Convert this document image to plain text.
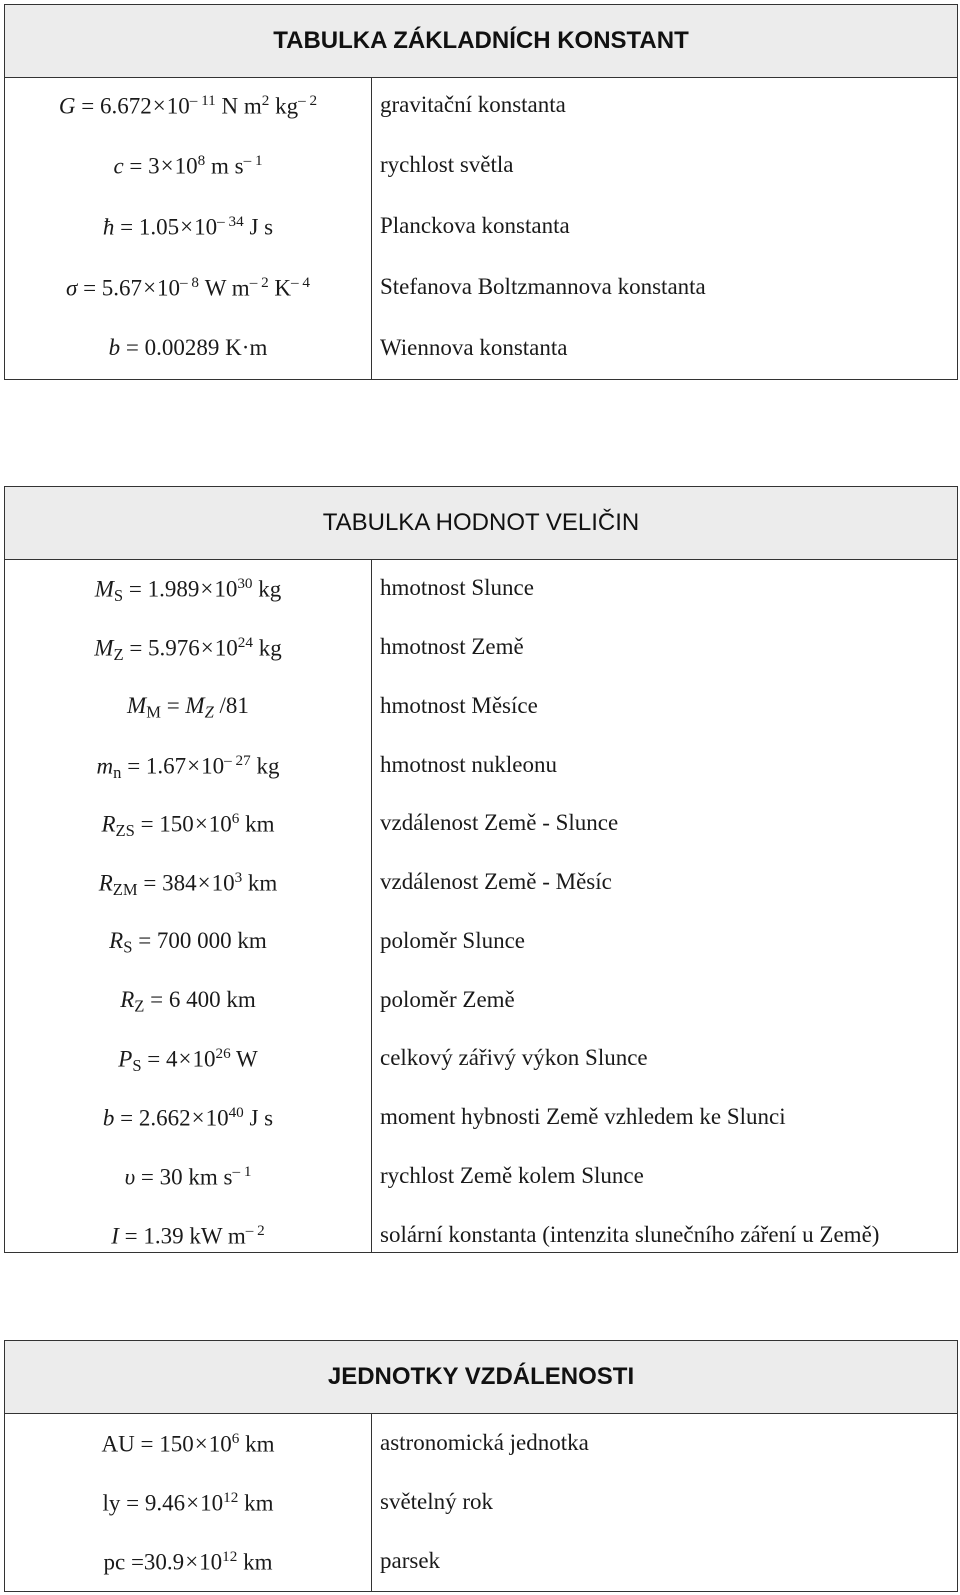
TABULKA ZÁKLADNÍCH KONSTANT
$G = 6.672\times 10^{- 11}$ N $m^2$ $kg^{- 2}$	gravitační konstanta
$c = 3\times 10^8$ m $s^{- 1}$	rychlost světla
ħ = $1.05\times 10^{- 34}$ J s	Planckova konstanta
$\sigma = 5.67\times 10^{- 8}$ W $m^{- 2}$ $K^{- 4}$	Stefanova Boltzmannova konstanta
b = 0.00289 K·m	Wiennova konstanta
TABULKA HODNOT VELIČIN
$M_S = 1.989\times 10^{30}$ kg	hmotnost Slunce
$M_Z = 5.976\times 10^{24}$ kg	hmotnost Země
$M_M = M_Z$ /81	hmotnost Měsíce
$m_n = 1.67\times 10^{- 27}$ kg	hmotnost nukleonu
$R_{ZS} = 150\times 10^6$ km	vzdálenost Země - Slunce
$R_{ZM} = 384\times 10^3$ km	vzdálenost Země - Měsíc
$R_S = 700$ 000 km	poloměr Slunce
$R_Z = 6$ 400 km	poloměr Země
$P_S = 4\times 10^{26}$ W	celkový zářivý výkon Slunce
$b = 2.662\times 10^{40}$ J s	moment hybnosti Země vzhledem ke Slunci
υ = 30 km $s^{- 1}$	rychlost Země kolem Slunce
I = 1.39 kW $m^{- 2}$	solární konstanta (intenzita slunečního záření u Země)
JEDNOTKY VZDÁLENOSTI
AU = $150\times 10^6$ km	astronomická jednotka
ly = $9.46\times 10^{12}$ km	světelný rok
pc $=30.9\times 10^{12}$ km	parsek
